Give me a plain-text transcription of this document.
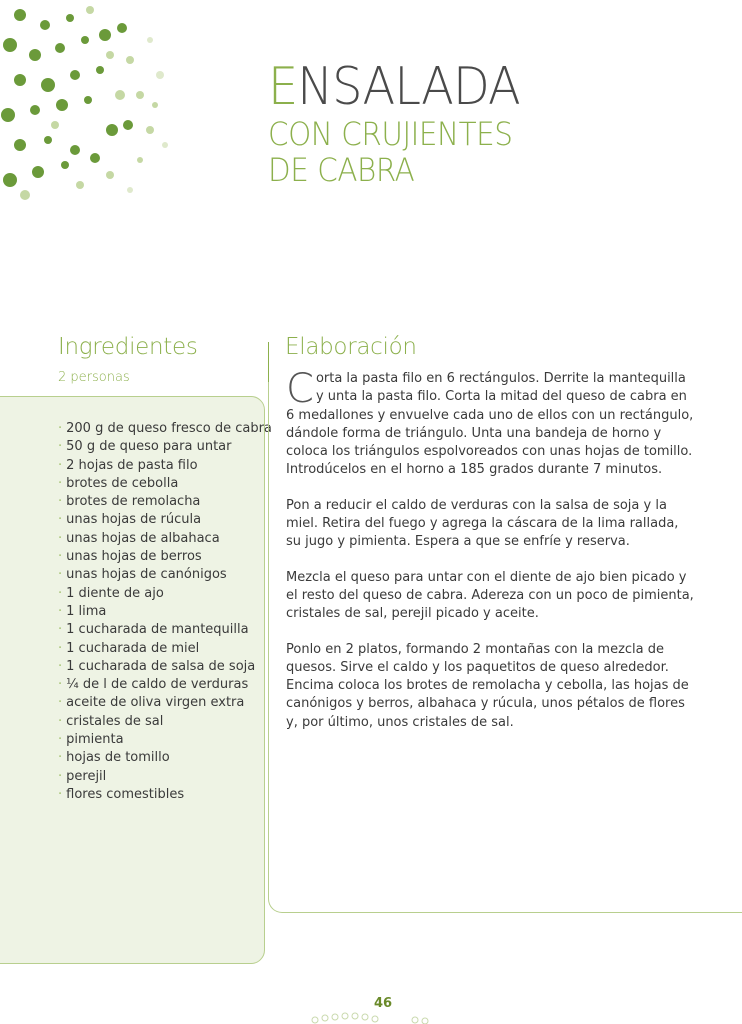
ENSALADA
CON CRUJIENTES
DE CABRA
Ingredientes
2 personas
· 200 g de queso fresco de cabra
· 50 g de queso para untar
· 2 hojas de pasta filo
· brotes de cebolla
· brotes de remolacha
· unas hojas de rúcula
· unas hojas de albahaca
· unas hojas de berros
· unas hojas de canónigos
· 1 diente de ajo
· 1 lima
· 1 cucharada de mantequilla
· 1 cucharada de miel
· 1 cucharada de salsa de soja
· ¼ de l de caldo de verduras
· aceite de oliva virgen extra
· cristales de sal
· pimienta
· hojas de tomillo
· perejil
· flores comestibles
Elaboración

Corta la pasta filo en 6 rectángulos. Derrite la mantequilla y unta la pasta filo. Corta la mitad del queso de cabra en 6 medallones y envuelve cada uno de ellos con un rectángulo, dándole forma de triángulo. Unta una bandeja de horno y coloca los triángulos espolvoreados con unas hojas de tomillo. Introdúcelos en el horno a 185 grados durante 7 minutos.

Pon a reducir el caldo de verduras con la salsa de soja y la miel. Retira del fuego y agrega la cáscara de la lima rallada, su jugo y pimienta. Espera a que se enfríe y reserva.

Mezcla el queso para untar con el diente de ajo bien picado y el resto del queso de cabra. Adereza con un poco de pimienta, cristales de sal, perejil picado y aceite.

Ponlo en 2 platos, formando 2 montañas con la mezcla de quesos. Sirve el caldo y los paquetitos de queso alrededor. Encima coloca los brotes de remolacha y cebolla, las hojas de canónigos y berros, albahaca y rúcula, unos pétalos de flores y, por último, unos cristales de sal.

46
